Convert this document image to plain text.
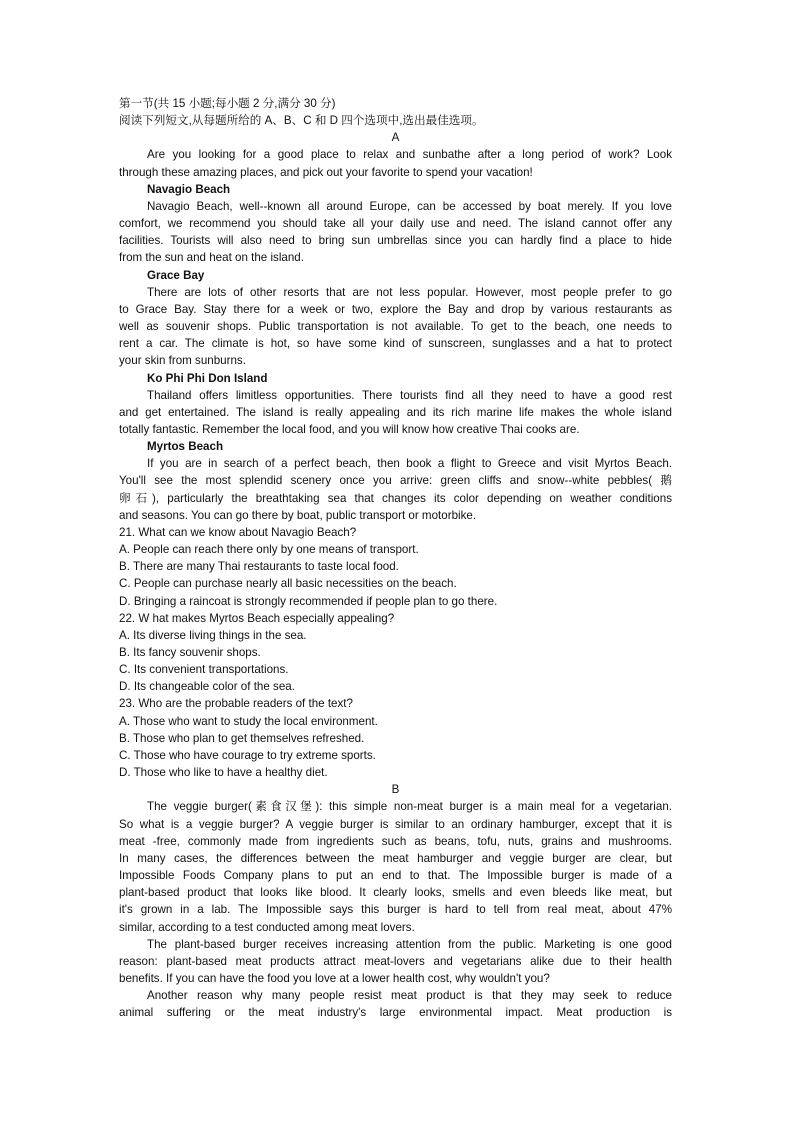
第一节(共 15 小题;每小题 2 分,满分 30 分)
阅读下列短文,从每题所给的 A、B、C 和 D 四个选项中,选出最佳选项。
A
Are you looking for a good place to relax and sunbathe after a long period of work? Look
through these amazing places, and pick out your favorite to spend your vacation!
Navagio Beach
Navagio Beach, well--known all around Europe, can be accessed by boat merely. If you love
comfort, we recommend you should take all your daily use and need. The island cannot offer any
facilities. Tourists will also need to bring sun umbrellas since you can hardly find a place to hide
from the sun and heat on the island.
Grace Bay
There are lots of other resorts that are not less popular. However, most people prefer to go
to Grace Bay. Stay there for a week or two, explore the Bay and drop by various restaurants as
well as souvenir shops. Public transportation is not available. To get to the beach, one needs to
rent a car. The climate is hot, so have some kind of sunscreen, sunglasses and a hat to protect
your skin from sunburns.
Ko Phi Phi Don Island
Thailand offers limitless opportunities. There tourists find all they need to have a good rest
and get entertained. The island is really appealing and its rich marine life makes the whole island
totally fantastic. Remember the local food, and you will know how creative Thai cooks are.
Myrtos Beach
If you are in search of a perfect beach, then book a flight to Greece and visit Myrtos Beach.
You'll see the most splendid scenery once you arrive: green cliffs and snow--white pebbles( 鹅
卵石), particularly the breathtaking sea that changes its color depending on weather conditions
and seasons. You can go there by boat, public transport or motorbike.
21. What can we know about Navagio Beach?
A. People can reach there only by one means of transport.
B. There are many Thai restaurants to taste local food.
C. People can purchase nearly all basic necessities on the beach.
D. Bringing a raincoat is strongly recommended if people plan to go there.
22. W hat makes Myrtos Beach especially appealing?
A. Its diverse living things in the sea.
B. Its fancy souvenir shops.
C. Its convenient transportations.
D. Its changeable color of the sea.
23. Who are the probable readers of the text?
A. Those who want to study the local environment.
B. Those who plan to get themselves refreshed.
C. Those who have courage to try extreme sports.
D. Those who like to have a healthy diet.
B
The veggie burger(素食汉堡): this simple non-meat burger is a main meal for a vegetarian.
So what is a veggie burger? A veggie burger is similar to an ordinary hamburger, except that it is
meat -free, commonly made from ingredients such as beans, tofu, nuts, grains and mushrooms.
In many cases, the differences between the meat hamburger and veggie burger are clear, but
Impossible Foods Company plans to put an end to that. The Impossible burger is made of a
plant-based product that looks like blood. It clearly looks, smells and even bleeds like meat, but
it's grown in a lab. The Impossible says this burger is hard to tell from real meat, about 47%
similar, according to a test conducted among meat lovers.
The plant-based burger receives increasing attention from the public. Marketing is one good
reason: plant-based meat products attract meat-lovers and vegetarians alike due to their health
benefits. If you can have the food you love at a lower health cost, why wouldn't you?
Another reason why many people resist meat product is that they may seek to reduce
animal suffering or the meat industry's large environmental impact. Meat production is
